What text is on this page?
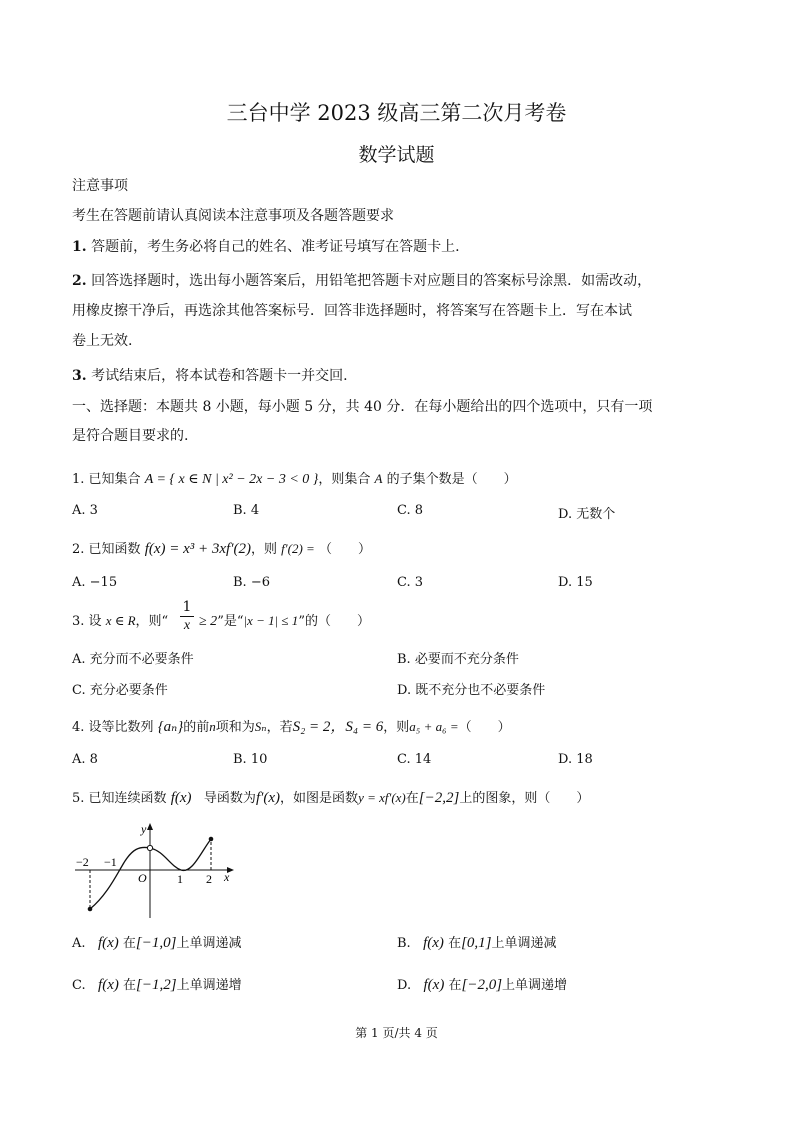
三台中学 2023 级高三第二次月考卷
数学试题
注意事项
考生在答题前请认真阅读本注意事项及各题答题要求
1. 答题前，考生务必将自己的姓名、准考证号填写在答题卡上.
2. 回答选择题时，选出每小题答案后，用铅笔把答题卡对应题目的答案标号涂黑．如需改动，
用橡皮擦干净后，再选涂其他答案标号．回答非选择题时，将答案写在答题卡上．写在本试
卷上无效.
3. 考试结束后，将本试卷和答题卡一并交回.
一、选择题：本题共 8 小题，每小题 5 分，共 40 分．在每小题给出的四个选项中，只有一项
是符合题目要求的.
1. 已知集合 A = { x ∈ N | x² − 2x − 3 < 0 }，则集合 A 的子集个数是（　　）
A. 3	B. 4	C. 8	D. 无数个
2. 已知函数 f(x) = x³ + 3xf′(2)，则 f′(2) = （　　）
A. −15	B. −6	C. 3	D. 15
3. 设 x ∈ R，则“
1
x ≥ 2”是“|x − 1| ≤ 1”的（　　）
A. 充分而不必要条件	B. 必要而不充分条件
C. 充分必要条件	D. 既不充分也不必要条件
4. 设等比数列 {aₙ}的前n项和为Sₙ，若S₂ = 2，S₄ = 6，则a₅ + a₆ =（　　）
A. 8	B. 10	C. 14	D. 18
5. 已知连续函数 f(x) 导函数为f′(x)，如图是函数y = xf′(x)在[−2,2]上的图象，则（　　）
y
x
O
−2 −1
1 2
A. f(x) 在[−1,0]上单调递减	B. f(x) 在[0,1]上单调递减
C. f(x) 在[−1,2]上单调递增	D. f(x) 在[−2,0]上单调递增
第 1 页/共 4 页
